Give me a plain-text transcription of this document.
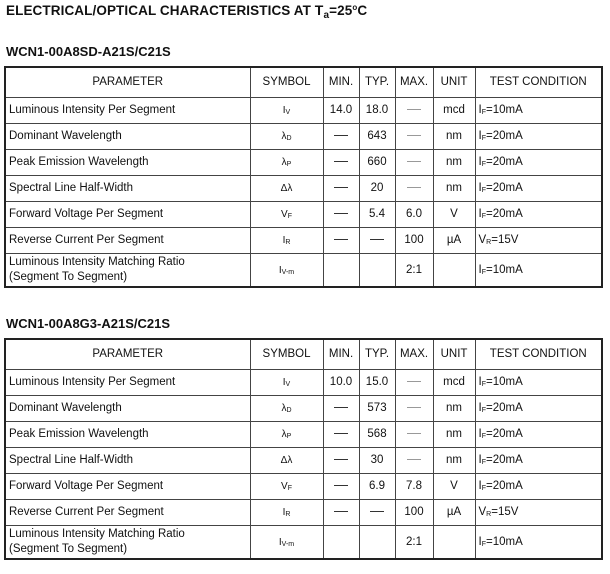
ELECTRICAL/OPTICAL CHARACTERISTICS AT $T_a=25^oC$
WCN1-00A8SD-A21S/C21S
PARAMETER	SYMBOL	MIN.	TYP.	MAX.	UNIT	TEST CONDITION
Luminous Intensity Per Segment	IV	14.0	18.0		mcd	IF=10mA
Dominant Wavelength	λD		643		nm	IF=20mA
Peak Emission Wavelength	λP		660		nm	IF=20mA
Spectral Line Half-Width	Δλ		20		nm	IF=20mA
Forward Voltage Per Segment	VF		5.4	6.0	V	IF=20mA
Reverse Current Per Segment	IR			100	µA	VR=15V
Luminous Intensity Matching Ratio
(Segment To Segment)	IV-m			2:1		IF=10mA
WCN1-00A8G3-A21S/C21S
PARAMETER	SYMBOL	MIN.	TYP.	MAX.	UNIT	TEST CONDITION
Luminous Intensity Per Segment	IV	10.0	15.0		mcd	IF=10mA
Dominant Wavelength	λD		573		nm	IF=20mA
Peak Emission Wavelength	λP		568		nm	IF=20mA
Spectral Line Half-Width	Δλ		30		nm	IF=20mA
Forward Voltage Per Segment	VF		6.9	7.8	V	IF=20mA
Reverse Current Per Segment	IR			100	µA	VR=15V
Luminous Intensity Matching Ratio
(Segment To Segment)	IV-m			2:1		IF=10mA
